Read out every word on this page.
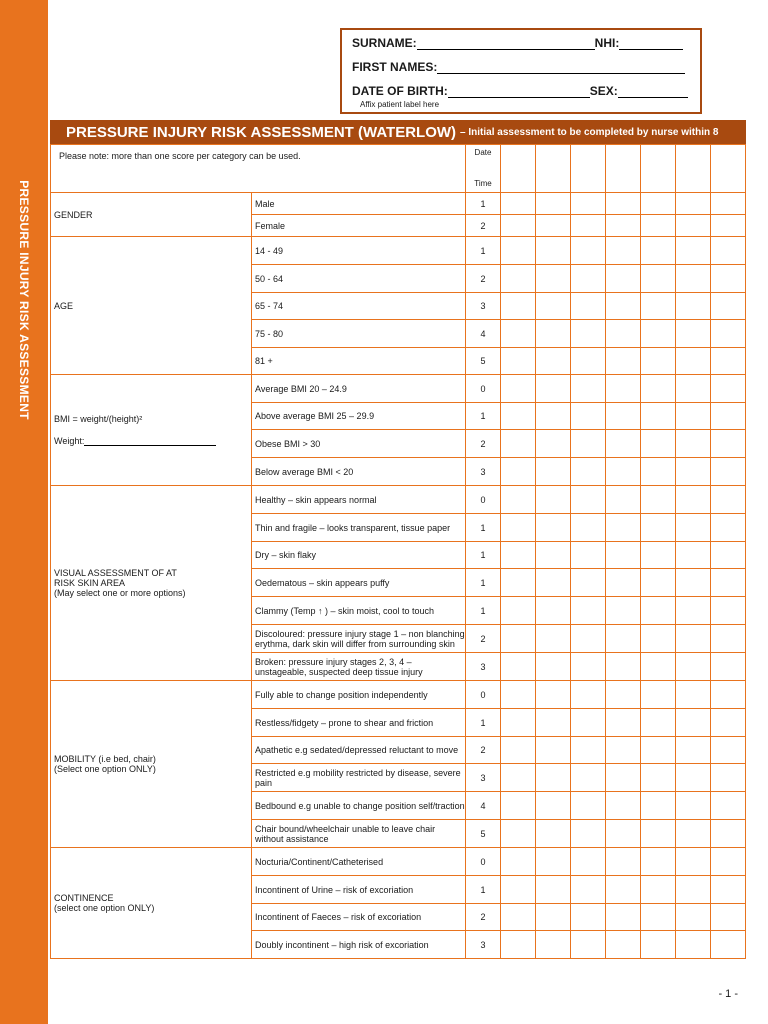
PRESSURE INJURY RISK ASSESSMENT
SURNAME:	NHI:
FIRST NAMES:
DATE OF BIRTH:	SEX:
Affix patient label here
PRESSURE INJURY RISK ASSESSMENT (WATERLOW) – Initial assessment to be completed by nurse within 8
Please note: more than one score per category can be used.		Date
Time							

GENDER	Male	1							
	Female	2							

AGE	14 - 49	1							
	50 - 64	2							
	65 - 74	3							
	75 - 80	4							
	81 +	5							

BMI = weight/(height)²
Weight:	Average BMI 20 – 24.9	0							
	Above average BMI 25 – 29.9	1							
	Obese BMI > 30	2							
	Below average BMI < 20	3							

VISUAL ASSESSMENT OF AT RISK SKIN AREA
(May select one or more options)	Healthy – skin appears normal	0							
	Thin and fragile – looks transparent, tissue paper	1							
	Dry – skin flaky	1							
	Oedematous – skin appears puffy	1							
	Clammy (Temp ↑ ) – skin moist, cool to touch	1							
	Discoloured: pressure injury stage 1 – non blanching erythma, dark skin will differ from surrounding skin	2							
	Broken: pressure injury stages 2, 3, 4 – unstageable, suspected deep tissue injury	3							

MOBILITY (i.e bed, chair)
(Select one option ONLY)	Fully able to change position independently	0							
	Restless/fidgety – prone to shear and friction	1							
	Apathetic e.g sedated/depressed reluctant to move	2							
	Restricted e.g mobility restricted by disease, severe pain	3							
	Bedbound e.g unable to change position self/traction	4							
	Chair bound/wheelchair unable to leave chair without assistance	5							

CONTINENCE
(select one option ONLY)	Nocturia/Continent/Catheterised	0							
	Incontinent of Urine – risk of excoriation	1							
	Incontinent of Faeces – risk of excoriation	2							
	Doubly incontinent – high risk of excoriation	3							
- 1 -
